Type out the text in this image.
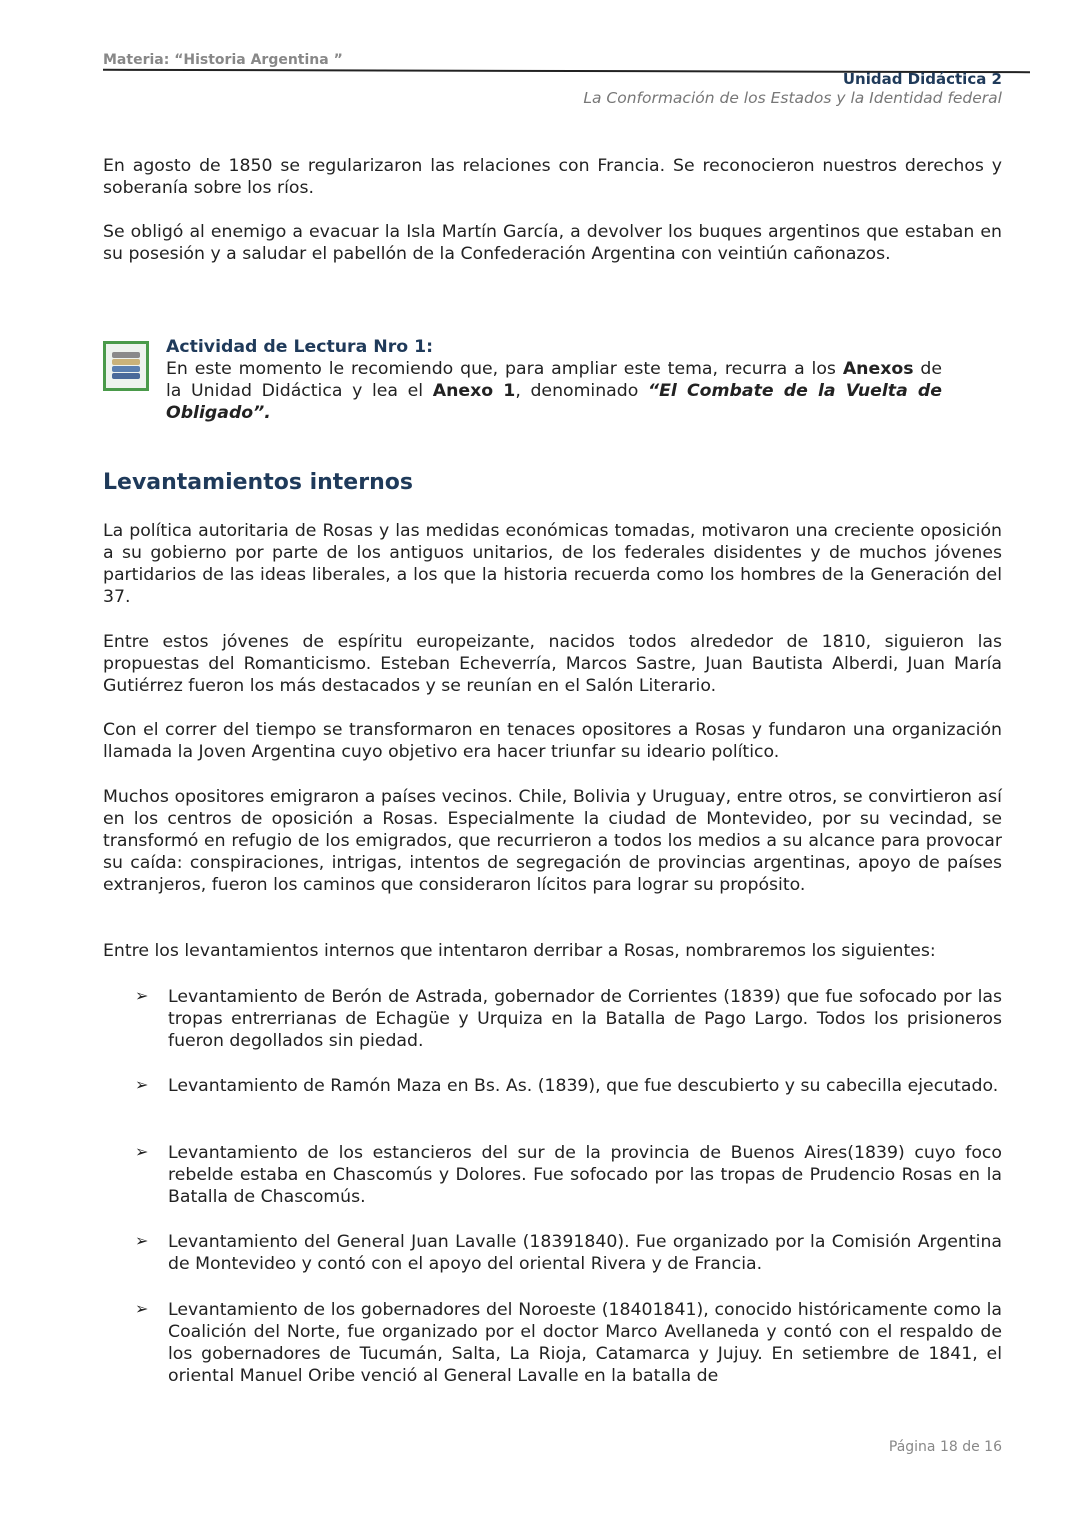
Materia: “Historia Argentina ”
Unidad Didáctica 2
La Conformación de los Estados y la Identidad federal

En agosto de 1850 se regularizaron las relaciones con Francia. Se reconocieron nuestros derechos y soberanía sobre los ríos.

Se obligó al enemigo a evacuar la Isla Martín García, a devolver los buques argentinos que estaban en su posesión y a saludar el pabellón de la Confederación Argentina con veintiún cañonazos.

Actividad de Lectura Nro 1:
En este momento le recomiendo que, para ampliar este tema, recurra a los Anexos de la Unidad Didáctica y lea el Anexo 1, denominado “El Combate de la Vuelta de Obligado”.
Levantamientos internos

La política autoritaria de Rosas y las medidas económicas tomadas, motivaron una creciente oposición a su gobierno por parte de los antiguos unitarios, de los federales disidentes y de muchos jóvenes partidarios de las ideas liberales, a los que la historia recuerda como los hombres de la Generación del 37.

Entre estos jóvenes de espíritu europeizante, nacidos todos alrededor de 1810, siguieron las propuestas del Romanticismo. Esteban Echeverría, Marcos Sastre, Juan Bautista Alberdi, Juan María Gutiérrez fueron los más destacados y se reunían en el Salón Literario.

Con el correr del tiempo se transformaron en tenaces opositores a Rosas y fundaron una organización llamada la Joven Argentina cuyo objetivo era hacer triunfar su ideario político.

Muchos opositores emigraron a países vecinos. Chile, Bolivia y Uruguay, entre otros, se convirtieron así en los centros de oposición a Rosas. Especialmente la ciudad de Montevideo, por su vecindad, se transformó en refugio de los emigrados, que recurrieron a todos los medios a su alcance para provocar su caída: conspiraciones, intrigas, intentos de segregación de provincias argentinas, apoyo de países extranjeros, fueron los caminos que consideraron lícitos para lograr su propósito.

Entre los levantamientos internos que intentaron derribar a Rosas, nombraremos los siguientes:

➢ Levantamiento de Berón de Astrada, gobernador de Corrientes (1839) que fue sofocado por las tropas entrerrianas de Echagüe y Urquiza en la Batalla de Pago Largo. Todos los prisioneros fueron degollados sin piedad.

➢ Levantamiento de Ramón Maza en Bs. As. (1839), que fue descubierto y su cabecilla ejecutado.

➢ Levantamiento de los estancieros del sur de la provincia de Buenos Aires(1839) cuyo foco rebelde estaba en Chascomús y Dolores. Fue sofocado por las tropas de Prudencio Rosas en la Batalla de Chascomús.

➢ Levantamiento del General Juan Lavalle (18391840). Fue organizado por la Comisión Argentina de Montevideo y contó con el apoyo del oriental Rivera y de Francia.

➢ Levantamiento de los gobernadores del Noroeste (18401841), conocido históricamente como la Coalición del Norte, fue organizado por el doctor Marco Avellaneda y contó con el respaldo de los gobernadores de Tucumán, Salta, La Rioja, Catamarca y Jujuy. En setiembre de 1841, el oriental Manuel Oribe venció al General Lavalle en la batalla de

Página 18 de 16
